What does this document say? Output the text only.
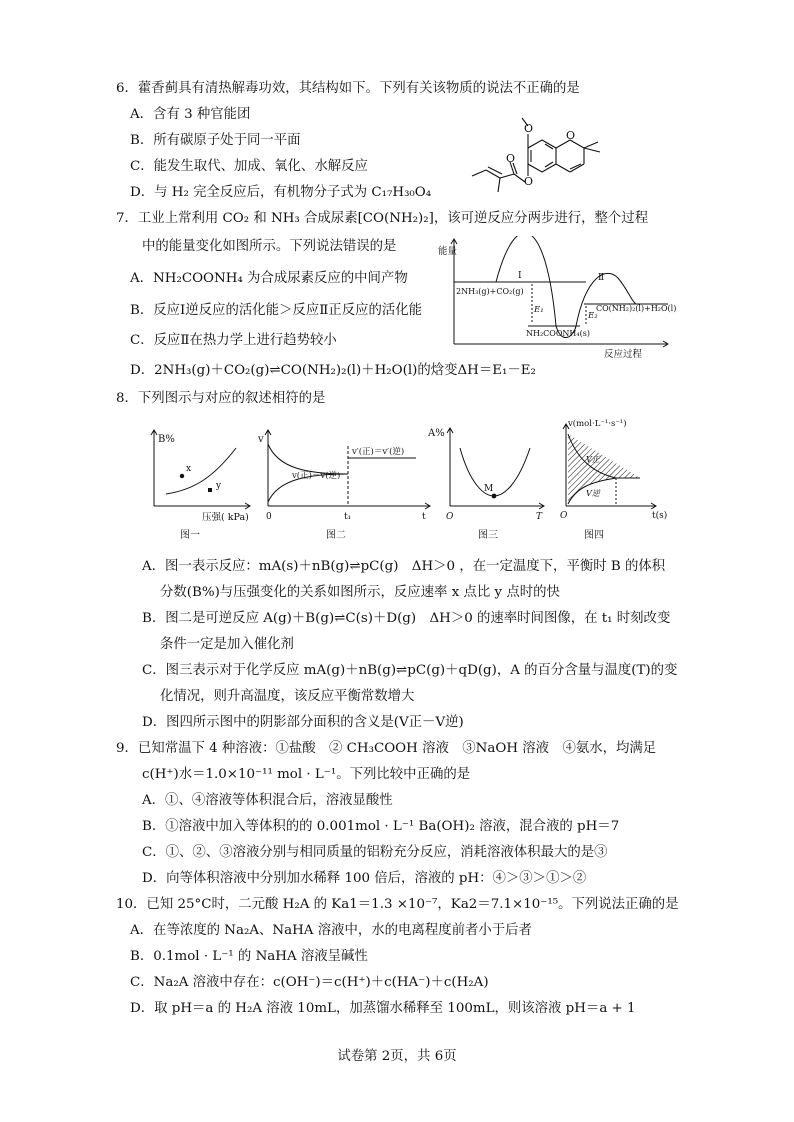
6．藿香蓟具有清热解毒功效，其结构如下。下列有关该物质的说法不正确的是
A．含有 3 种官能团
B．所有碳原子处于同一平面
C．能发生取代、加成、氧化、水解反应
D．与 H₂ 完全反应后，有机物分子式为 C₁₇H₃₀O₄
O
O
O
O
7．工业上常利用 CO₂ 和 NH₃ 合成尿素[CO(NH₂)₂]，该可逆反应分两步进行，整个过程
中的能量变化如图所示。下列说法错误的是
A．NH₂COONH₄ 为合成尿素反应的中间产物
B．反应Ⅰ逆反应的活化能＞反应Ⅱ正反应的活化能
C．反应Ⅱ在热力学上进行趋势较小
D．2NH₃(g)＋CO₂(g)⇌CO(NH₂)₂(l)＋H₂O(l)的焓变ΔH＝E₁－E₂
能量
反应过程
2NH₃(g)+CO₂(g)
CO(NH₂)₂(l)+H₂O(l)
NH₂COONH₄(s)
Ⅰ	Ⅱ
E₁
E₂
8．下列图示与对应的叙述相符的是
B%
x
y
压强( kPa)
图一
v
v′(正)＝v′(逆)
v(正)－v(逆)
0	t₁	t
图二
A%
M
O	T
图三
v(mol·L⁻¹·s⁻¹)
V正
V逆
O	t(s)
图四
A．图一表示反应：mA(s)＋nB(g)⇌pC(g)　ΔH＞0 ，在一定温度下，平衡时 B 的体积
分数(B%)与压强变化的关系如图所示，反应速率 x 点比 y 点时的快
B．图二是可逆反应 A(g)＋B(g)⇌C(s)＋D(g)　ΔH＞0 的速率时间图像，在 t₁ 时刻改变
条件一定是加入催化剂
C．图三表示对于化学反应 mA(g)＋nB(g)⇌pC(g)＋qD(g)，A 的百分含量与温度(T)的变
化情况，则升高温度，该反应平衡常数增大
D．图四所示图中的阴影部分面积的含义是(V正－V逆)
9．已知常温下 4 种溶液：①盐酸　② CH₃COOH 溶液　③NaOH 溶液　④氨水，均满足
c(H⁺)水＝1.0×10⁻¹¹ mol · L⁻¹。下列比较中正确的是
A．①、④溶液等体积混合后，溶液显酸性
B．①溶液中加入等体积的的 0.001mol · L⁻¹ Ba(OH)₂ 溶液，混合液的 pH＝7
C．①、②、③溶液分别与相同质量的铝粉充分反应，消耗溶液体积最大的是③
D．向等体积溶液中分别加水稀释 100 倍后，溶液的 pH：④＞③＞①＞②
10．已知 25°C时，二元酸 H₂A 的 Ka1＝1.3 ×10⁻⁷，Ka2＝7.1×10⁻¹⁵。下列说法正确的是
A．在等浓度的 Na₂A、NaHA 溶液中，水的电离程度前者小于后者
B．0.1mol · L⁻¹ 的 NaHA 溶液呈碱性
C．Na₂A 溶液中存在：c(OH⁻)＝c(H⁺)＋c(HA⁻)＋c(H₂A)
D．取 pH＝a 的 H₂A 溶液 10mL，加蒸馏水稀释至 100mL，则该溶液 pH＝a + 1
试卷第 2页，共 6页
